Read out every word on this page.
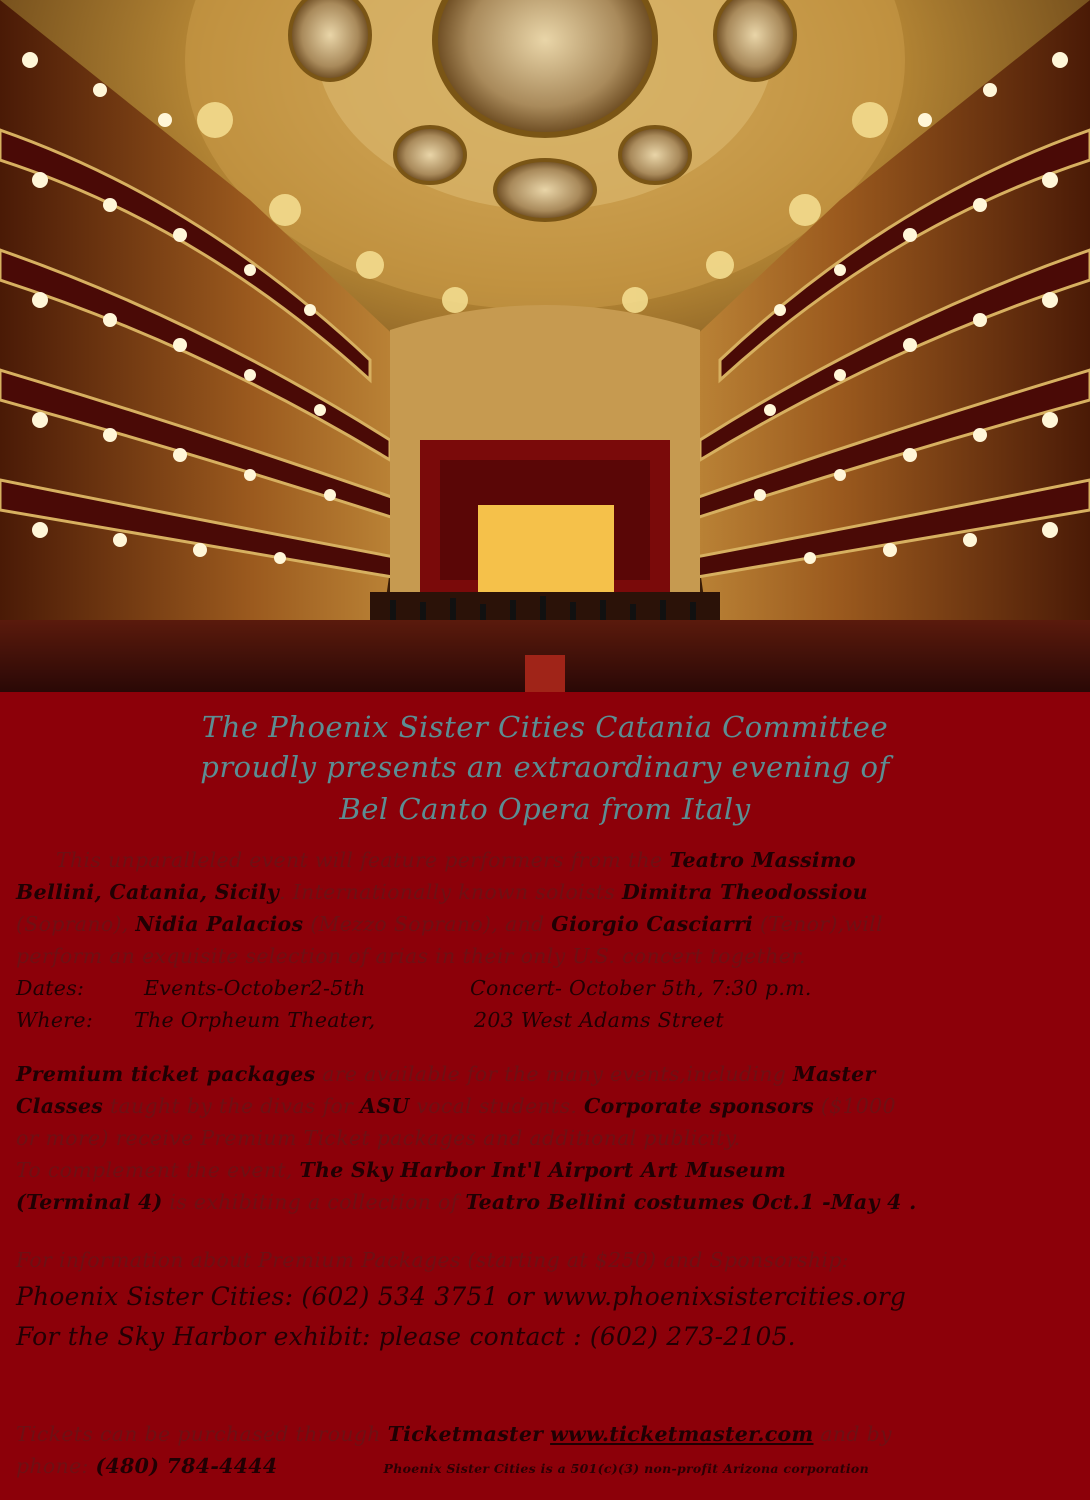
The Phoenix Sister Cities Catania Committee
proudly presents an extraordinary evening of
Bel Canto Opera from Italy
This unparalleled event will feature performers from the Teatro Massimo
Bellini, Catania, Sicily. Internationally known soloists Dimitra Theodossiou
(Soprano), Nidia Palacios (Mezzo Soprano), and Giorgio Casciarri (Tenor),will
perform an exquisite selection of arias in their only U.S. concert together.
Dates:	Events-October2-5th	Concert- October 5th, 7:30 p.m.
Where: The Orpheum Theater,	203 West Adams Street
Premium ticket packages are available for the many events,including Master
Classes taught by the divas for ASU vocal students. Corporate sponsors ($1000
or more) receive Premium Ticket packages and additional publicity.
To complement the event, The Sky Harbor Int'l Airport Art Museum
(Terminal 4) is exhibiting a collection of Teatro Bellini costumes Oct.1 -May 4 .
For information about Premium Packages (starting at $250) and Sponsorship:
Phoenix Sister Cities: (602) 534 3751 or www.phoenixsistercities.org
For the Sky Harbor exhibit: please contact : (602) 273-2105.
Tickets can be purchased through Ticketmaster www.ticketmaster.com and by
phone: (480) 784-4444	Phoenix Sister Cities is a 501(c)(3) non-profit Arizona corporation
